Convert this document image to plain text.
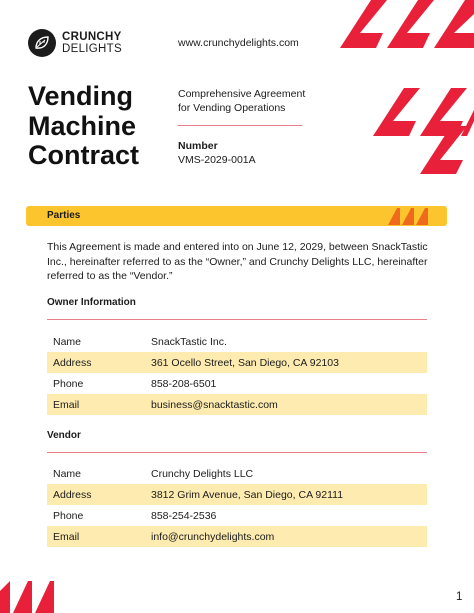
CRUNCHY
DELIGHTS	www.crunchydelights.com
Vending
Machine
Contract
Comprehensive Agreement
for Vending Operations
Number
VMS-2029-001A
Parties
This Agreement is made and entered into on June 12, 2029, between SnackTastic Inc., hereinafter referred to as the “Owner,” and Crunchy Delights LLC, hereinafter referred to as the “Vendor.”
Owner Information
Name	SnackTastic Inc.
Address	361 Ocello Street, San Diego, CA 92103
Phone	858-208-6501
Email	business@snacktastic.com
Vendor
Name	Crunchy Delights LLC
Address	3812 Grim Avenue, San Diego, CA 92111
Phone	858-254-2536
Email	info@crunchydelights.com
1
